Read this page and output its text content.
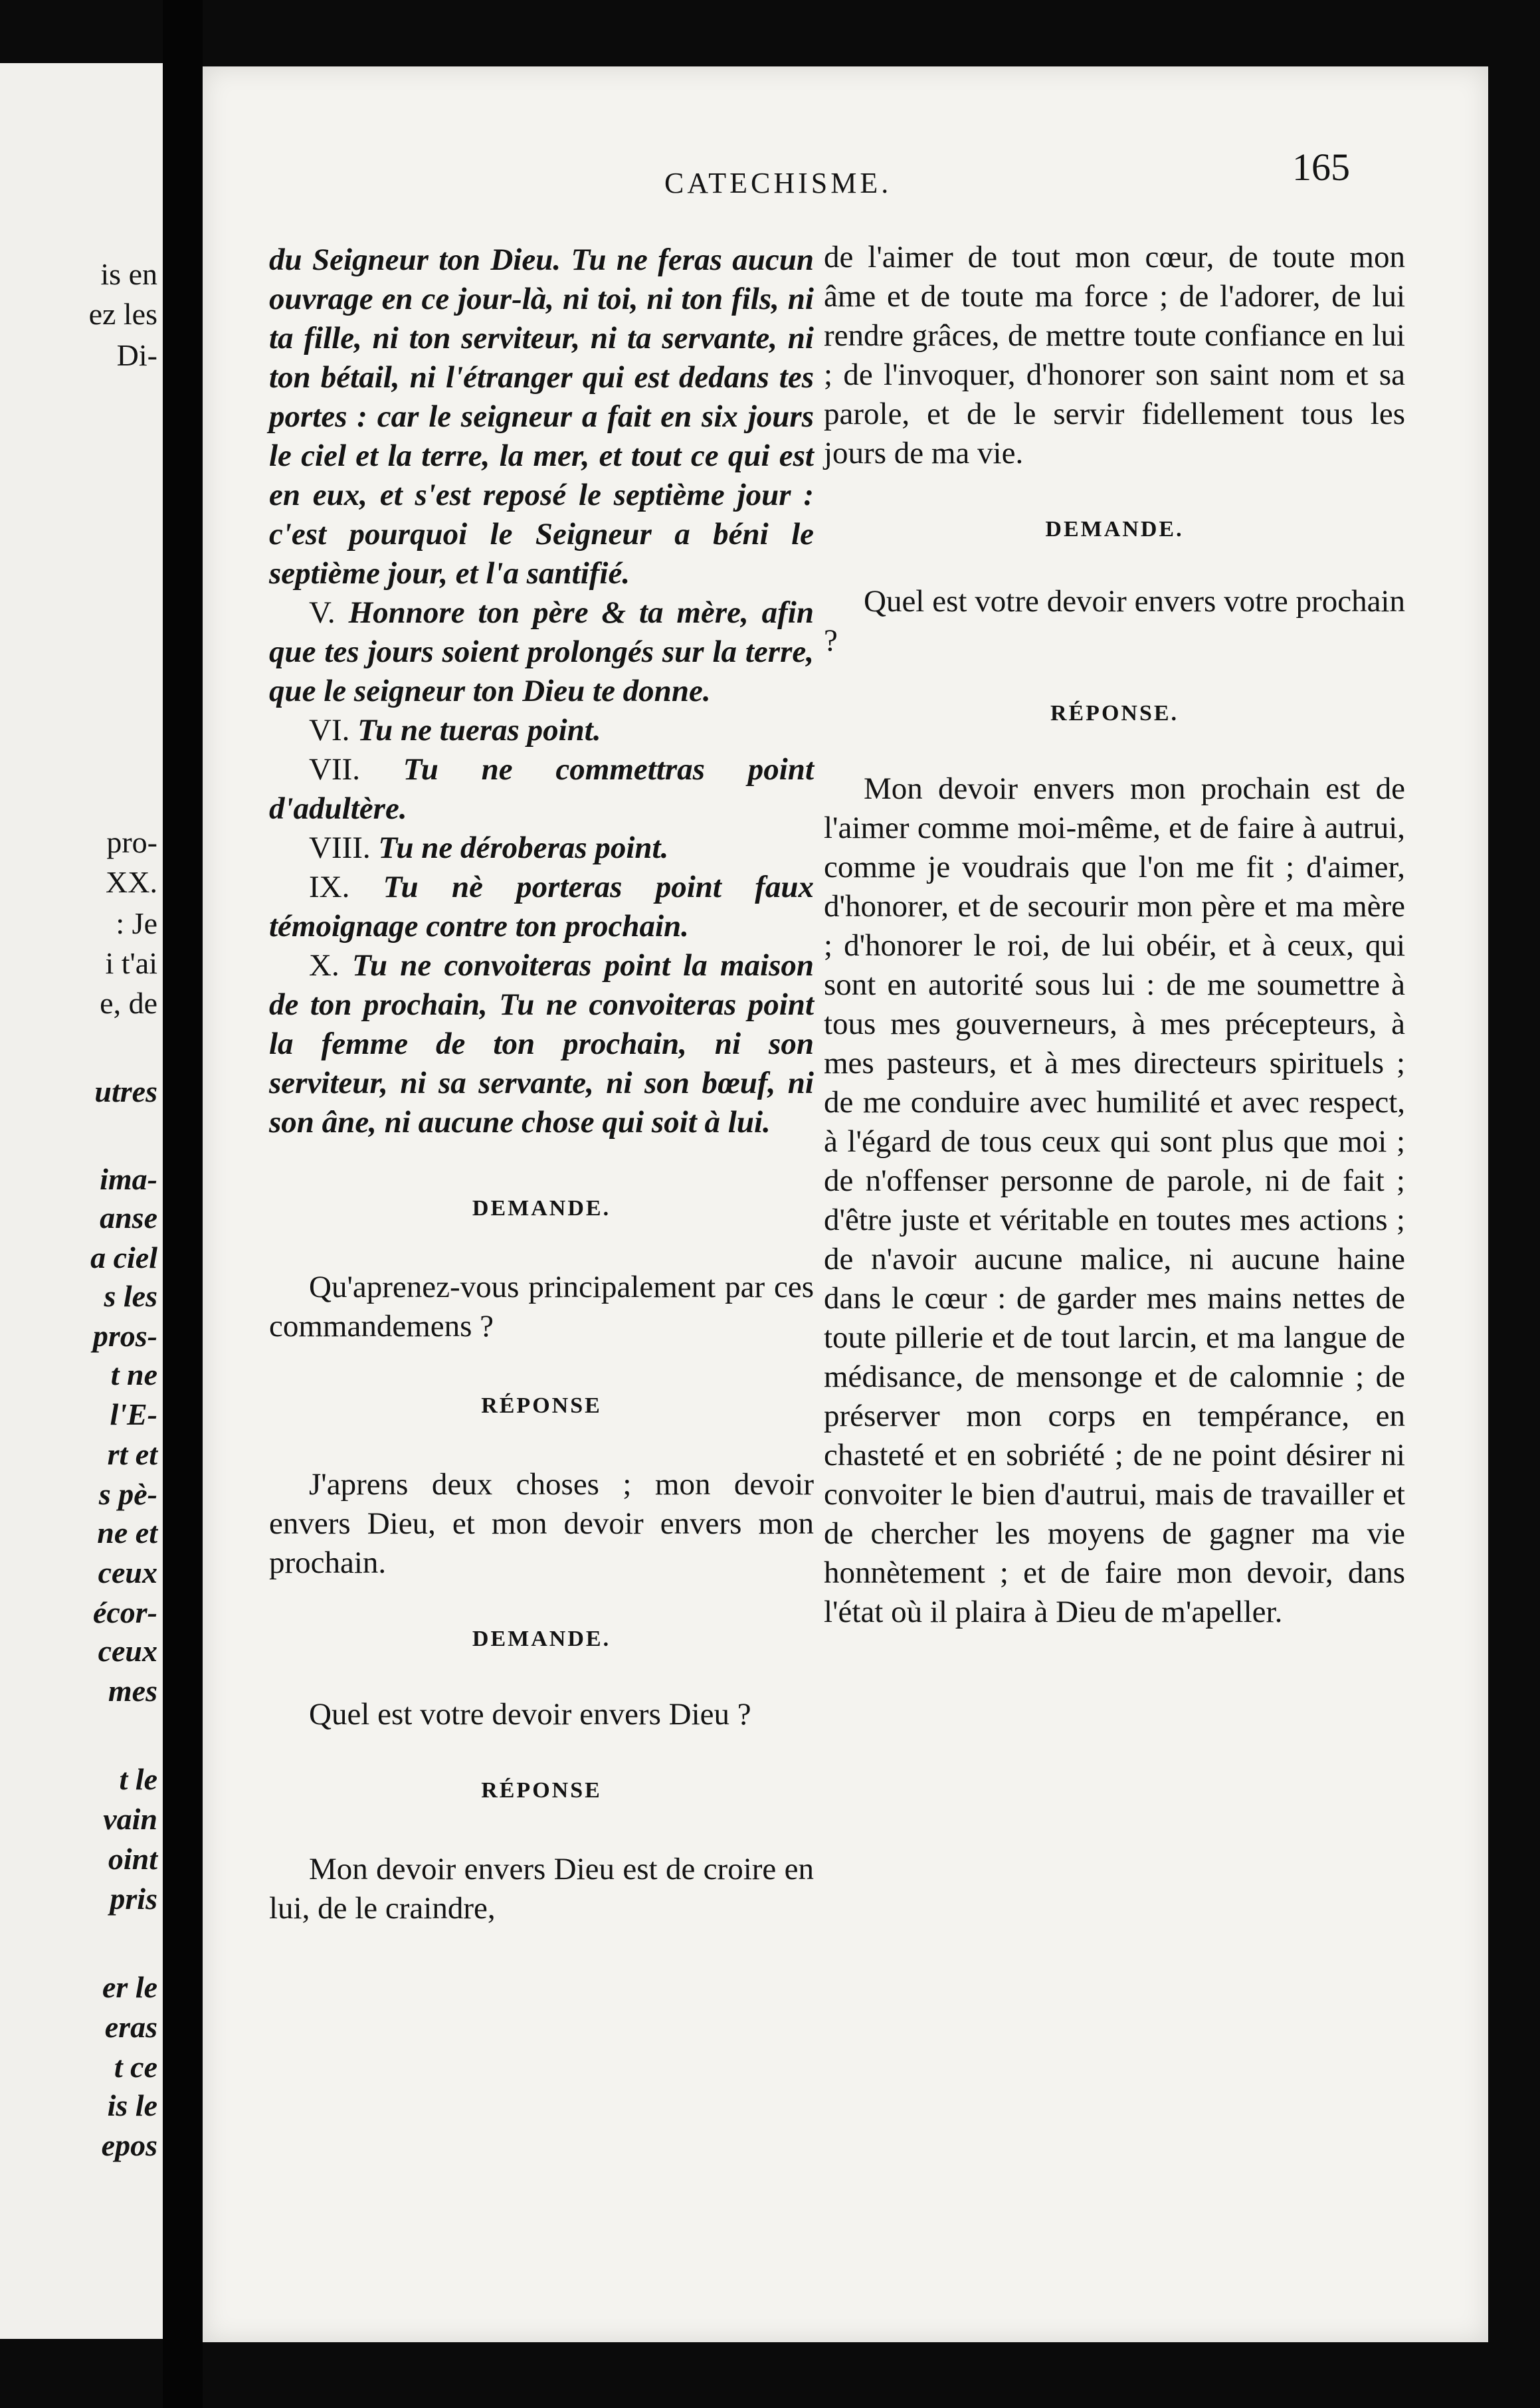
is en
ez les
Di-
pro-
XX.
: Je
i t'ai
e, de
utres
ima-
anse
a ciel
s les
pros-
t ne
l'E-
rt et
s pè-
ne et
ceux
écor-
ceux
mes
t le
vain
oint
pris
er le
eras
t ce
is le
epos
CATECHISME.	165

du Seigneur ton Dieu. Tu ne feras aucun ouvrage en ce jour-là, ni toi, ni ton fils, ni ta fille, ni ton serviteur, ni ta servante, ni ton bétail, ni l'étranger qui est dedans tes portes : car le seigneur a fait en six jours le ciel et la terre, la mer, et tout ce qui est en eux, et s'est reposé le septième jour : c'est pourquoi le Seigneur a béni le septième jour, et l'a santifié.

V. Honnore ton père & ta mère, afin que tes jours soient prolongés sur la terre, que le seigneur ton Dieu te donne.

VI. Tu ne tueras point.

VII. Tu ne commettras point d'adultère.

VIII. Tu ne déroberas point.

IX. Tu nè porteras point faux témoignage contre ton prochain.

X. Tu ne convoiteras point la maison de ton prochain, Tu ne convoiteras point la femme de ton prochain, ni son serviteur, ni sa servante, ni son bœuf, ni son âne, ni aucune chose qui soit à lui.

DEMANDE.

Qu'aprenez-vous principalement par ces commandemens ?

RÉPONSE

J'aprens deux choses ; mon devoir envers Dieu, et mon devoir envers mon prochain.

DEMANDE.

Quel est votre devoir envers Dieu ?

RÉPONSE

Mon devoir envers Dieu est de croire en lui, de le craindre,

de l'aimer de tout mon cœur, de toute mon âme et de toute ma force ; de l'adorer, de lui rendre grâces, de mettre toute confiance en lui ; de l'invoquer, d'honorer son saint nom et sa parole, et de le servir fidellement tous les jours de ma vie.

DEMANDE.

Quel est votre devoir envers votre prochain ?

RÉPONSE.

Mon devoir envers mon prochain est de l'aimer comme moi-même, et de faire à autrui, comme je voudrais que l'on me fit ; d'aimer, d'honorer, et de secourir mon père et ma mère ; d'honorer le roi, de lui obéir, et à ceux, qui sont en autorité sous lui : de me soumettre à tous mes gouverneurs, à mes précepteurs, à mes pasteurs, et à mes directeurs spirituels ; de me conduire avec humilité et avec respect, à l'égard de tous ceux qui sont plus que moi ; de n'offenser personne de parole, ni de fait ; d'être juste et véritable en toutes mes actions ; de n'avoir aucune malice, ni aucune haine dans le cœur : de garder mes mains nettes de toute pillerie et de tout larcin, et ma langue de médisance, de mensonge et de calomnie ; de préserver mon corps en tempérance, en chasteté et en sobriété ; de ne point désirer ni convoiter le bien d'autrui, mais de travailler et de chercher les moyens de gagner ma vie honnètement ; et de faire mon devoir, dans l'état où il plaira à Dieu de m'apeller.
